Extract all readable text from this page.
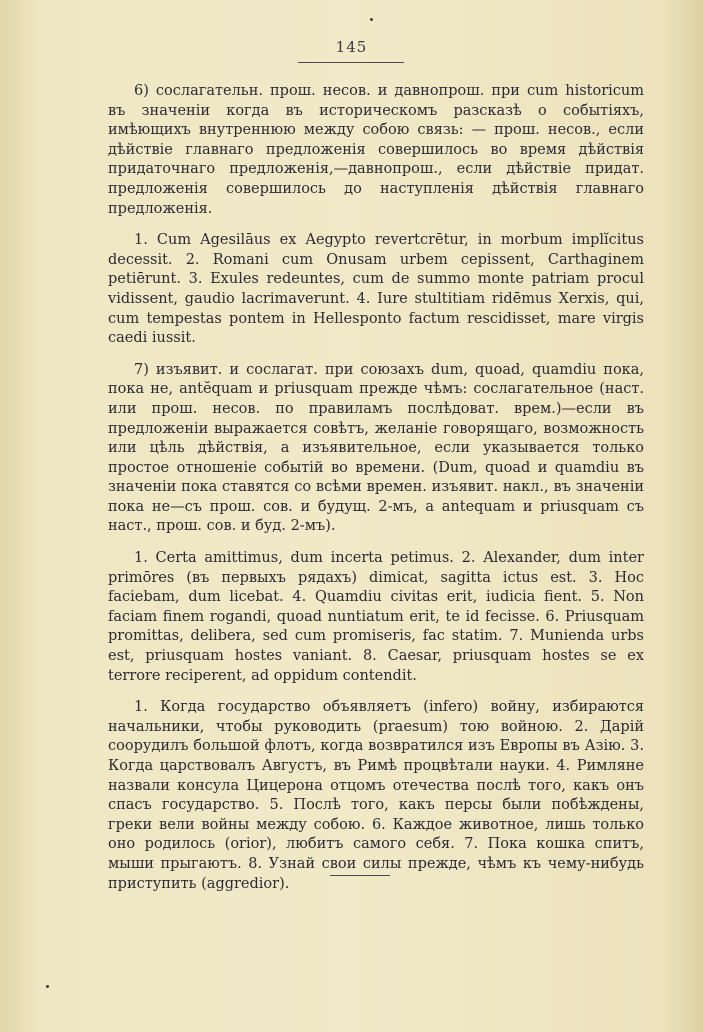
145

6) сослагательн. прош. несов. и давнопрош. при cum historicum въ значеніи когда въ историческомъ разсказѣ о событіяхъ, имѣющихъ внутреннюю между собою связь: — прош. несов., если дѣйствіе главнаго предложенія совершилось во время дѣйствія придаточнаго предложенія,—давнопрош., если дѣйствіе придат. предложенія совершилось до наступленія дѣйствія главнаго предложенія.

1. Cum Agesilāus ex Aegypto revertcrētur, in morbum implĭcitus decessit. 2. Romani cum Onusam urbem cepissent, Carthaginem petiērunt. 3. Exules redeuntes, cum de summo monte patriam procul vidissent, gaudio lacrimaverunt. 4. Iure stultitiam ridēmus Xerxis, qui, cum tempestas pontem in Hellesponto factum rescidisset, mare virgis caedi iussit.

7) изъявит. и сослагат. при союзахъ dum, quoad, quamdiu пока, пока не, antĕquam и priusquam прежде чѣмъ: сослагательное (наст. или прош. несов. по правиламъ послѣдоват. врем.)—если въ предложеніи выражается совѣтъ, желаніе говорящаго, возможность или цѣль дѣйствія, а изъявительное, если указывается только простое отношеніе событій во времени. (Dum, quoad и quamdiu въ значеніи пока ставятся со всѣми времен. изъявит. накл., въ значеніи пока не—съ прош. сов. и будущ. 2-мъ, а antequam и priusquam съ наст., прош. сов. и буд. 2-мъ).

1. Certa amittimus, dum incerta petimus. 2. Alexander, dum inter primōres (въ первыхъ рядахъ) dimicat, sagitta ictus est. 3. Hoc faciebam, dum licebat. 4. Quamdiu civitas erit, iudicia fient. 5. Non faciam finem rogandi, quoad nuntiatum erit, te id fecisse. 6. Priusquam promittas, delibera, sed cum promiseris, fac statim. 7. Muniendа urbs est, priusquam hostes vaniant. 8. Caesar, priusquam hostes se ex terrore reciperent, ad oppidum contendit.

1. Когда государство объявляетъ (infero) войну, избираются начальники, чтобы руководить (praesum) тою войною. 2. Дарій соорудилъ большой флотъ, когда возвратился изъ Европы въ Азію. 3. Когда царствовалъ Августъ, въ Римѣ процвѣтали науки. 4. Римляне назвали консула Цицерона отцомъ отечества послѣ того, какъ онъ спасъ государство. 5. Послѣ того, какъ персы были побѣждены, греки вели войны между собою. 6. Каждое животное, лишь только оно родилось (orior), любитъ самого себя. 7. Пока кошка спитъ, мыши прыгаютъ. 8. Узнай свои силы прежде, чѣмъ къ чему-нибудь приступить (aggredior).
